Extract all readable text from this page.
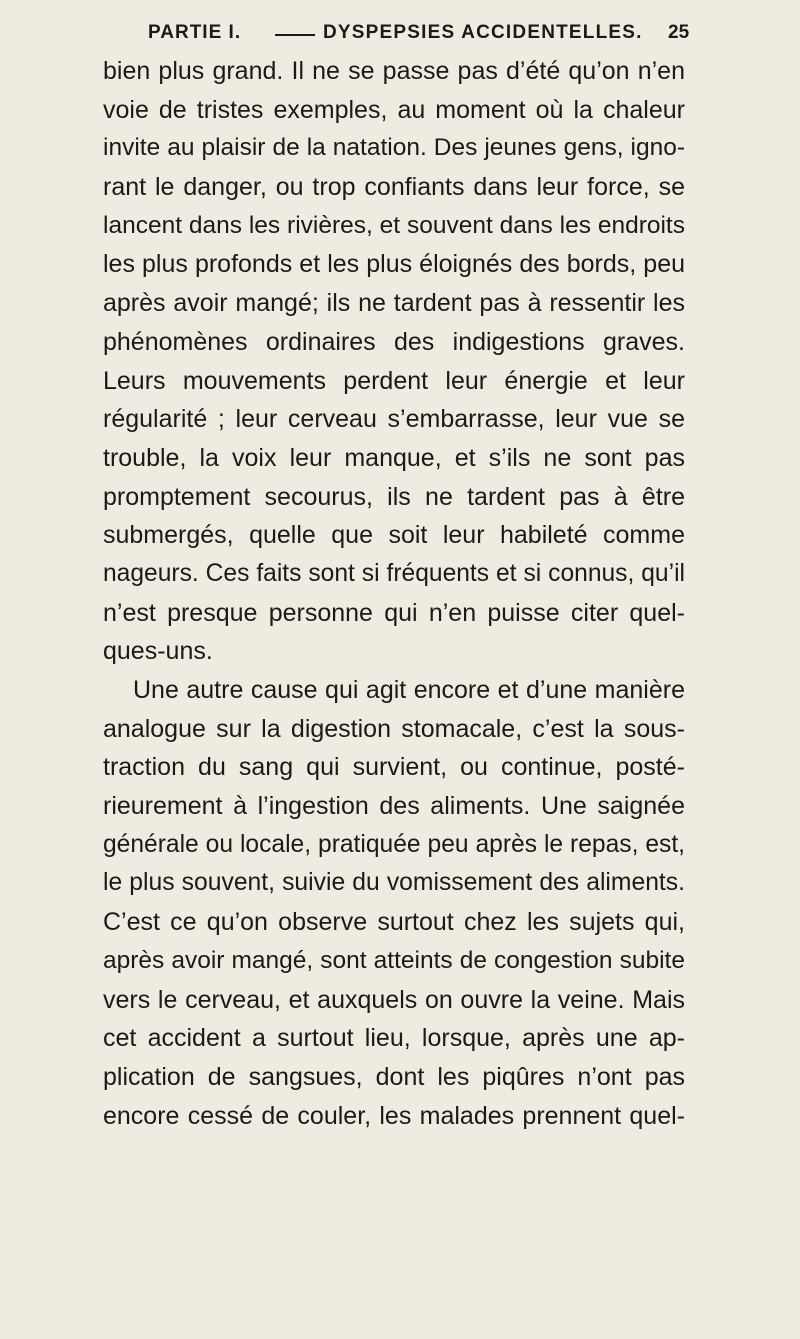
PARTIE I.	DYSPEPSIES ACCIDENTELLES. 25
bien plus grand. Il ne se passe pas d’été qu’on n’en
voie de tristes exemples, au moment où la chaleur
invite au plaisir de la natation. Des jeunes gens, igno-
rant le danger, ou trop confiants dans leur force, se
lancent dans les rivières, et souvent dans les endroits
les plus profonds et les plus éloignés des bords, peu
après avoir mangé; ils ne tardent pas à ressentir les
phénomènes ordinaires des indigestions graves.
Leurs mouvements perdent leur énergie et leur
régularité ; leur cerveau s’embarrasse, leur vue se
trouble, la voix leur manque, et s’ils ne sont pas
promptement secourus, ils ne tardent pas à être
submergés, quelle que soit leur habileté comme
nageurs. Ces faits sont si fréquents et si connus, qu’il
n’est presque personne qui n’en puisse citer quel-
ques-uns.
Une autre cause qui agit encore et d’une manière
analogue sur la digestion stomacale, c’est la sous-
traction du sang qui survient, ou continue, posté-
rieurement à l’ingestion des aliments. Une saignée
générale ou locale, pratiquée peu après le repas, est,
le plus souvent, suivie du vomissement des aliments.
C’est ce qu’on observe surtout chez les sujets qui,
après avoir mangé, sont atteints de congestion subite
vers le cerveau, et auxquels on ouvre la veine. Mais
cet accident a surtout lieu, lorsque, après une ap-
plication de sangsues, dont les piqûres n’ont pas
encore cessé de couler, les malades prennent quel-
